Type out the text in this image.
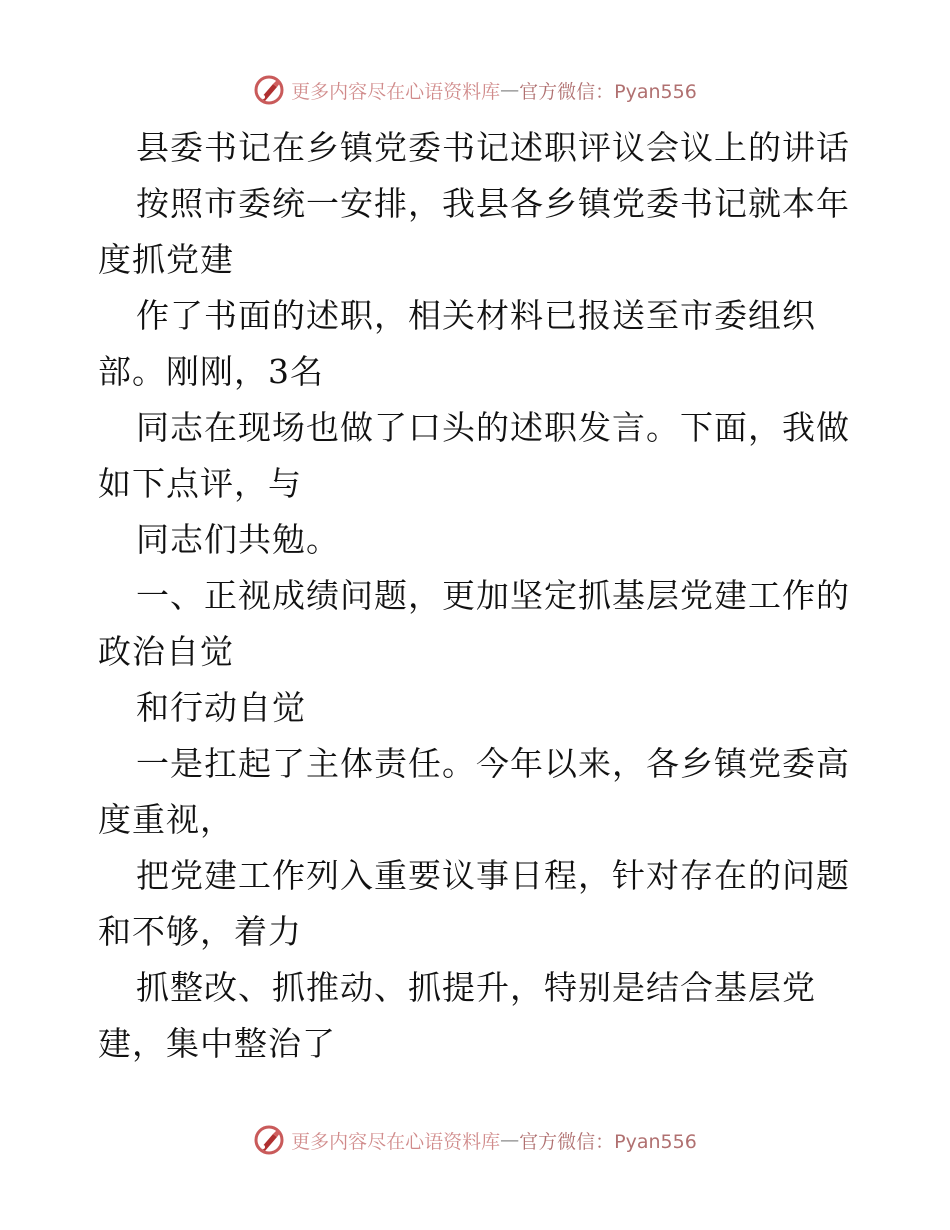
更多内容尽在心语资料库 — 官方微信：Pyan556
县委书记在乡镇党委书记述职评议会议上的讲话
按照市委统一安排，我县各乡镇党委书记就本年
度抓党建
作了书面的述职，相关材料已报送至市委组织
部。刚刚，3名
同志在现场也做了口头的述职发言。下面，我做
如下点评，与
同志们共勉。
一、正视成绩问题，更加坚定抓基层党建工作的
政治自觉
和行动自觉
一是扛起了主体责任。今年以来，各乡镇党委高
度重视，
把党建工作列入重要议事日程，针对存在的问题
和不够，着力
抓整改、抓推动、抓提升，特别是结合基层党
建，集中整治了
更多内容尽在心语资料库 — 官方微信：Pyan556
